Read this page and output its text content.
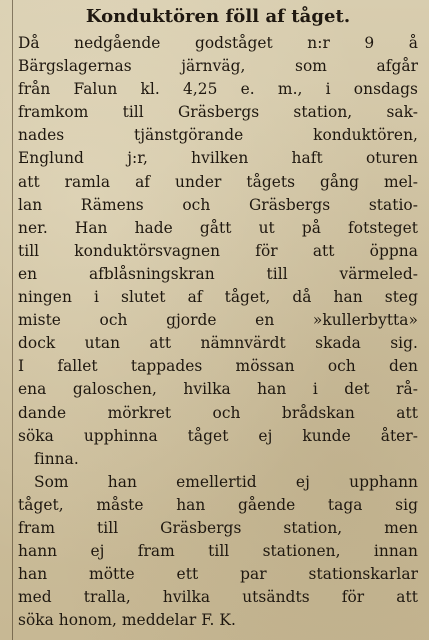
Konduktören föll af tåget.
Då nedgående godståget n:r 9 å
Bärgslagernas järnväg, som afgår
från Falun kl. 4,25 e. m., i onsdags
framkom till Gräsbergs station, sak-
nades tjänstgörande konduktören,
Englund j:r, hvilken haft oturen
att ramla af under tågets gång mel-
lan Rämens och Gräsbergs statio-
ner. Han hade gått ut på fotsteget
till konduktörsvagnen för att öppna
en afblåsningskran till värmeled-
ningen i slutet af tåget, då han steg
miste och gjorde en »kullerbytta»
dock utan att nämnvärdt skada sig.
I fallet tappades mössan och den
ena galoschen, hvilka han i det rå-
dande mörkret och brådskan att
söka upphinna tåget ej kunde åter-
finna.
Som han emellertid ej upphann
tåget, måste han gående taga sig
fram till Gräsbergs station, men
hann ej fram till stationen, innan
han mötte ett par stationskarlar
med tralla, hvilka utsändts för att
söka honom, meddelar F. K.
